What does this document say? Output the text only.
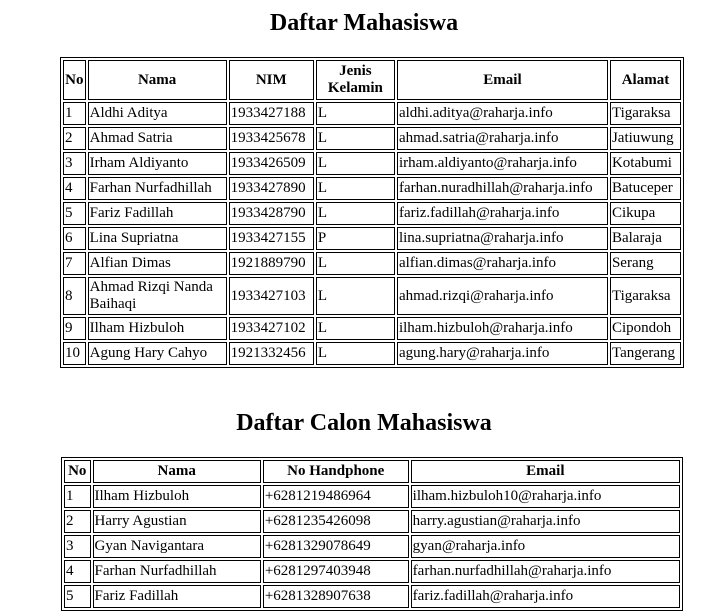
Daftar Mahasiswa
No	Nama	NIM	Jenis Kelamin	Email	Alamat
1	Aldhi Aditya	1933427188	L	aldhi.aditya@raharja.info	Tigaraksa
2	Ahmad Satria	1933425678	L	ahmad.satria@raharja.info	Jatiuwung
3	Irham Aldiyanto	1933426509	L	irham.aldiyanto@raharja.info	Kotabumi
4	Farhan Nurfadhillah	1933427890	L	farhan.nuradhillah@raharja.info	Batuceper
5	Fariz Fadillah	1933428790	L	fariz.fadillah@raharja.info	Cikupa
6	Lina Supriatna	1933427155	P	lina.supriatna@raharja.info	Balaraja
7	Alfian Dimas	1921889790	L	alfian.dimas@raharja.info	Serang
8	Ahmad Rizqi Nanda Baihaqi	1933427103	L	ahmad.rizqi@raharja.info	Tigaraksa
9	Ilham Hizbuloh	1933427102	L	ilham.hizbuloh@raharja.info	Cipondoh
10	Agung Hary Cahyo	1921332456	L	agung.hary@raharja.info	Tangerang
Daftar Calon Mahasiswa
No	Nama	No Handphone	Email
1	Ilham Hizbuloh	+6281219486964	ilham.hizbuloh10@raharja.info
2	Harry Agustian	+6281235426098	harry.agustian@raharja.info
3	Gyan Navigantara	+6281329078649	gyan@raharja.info
4	Farhan Nurfadhillah	+6281297403948	farhan.nurfadhillah@raharja.info
5	Fariz Fadillah	+6281328907638	fariz.fadillah@raharja.info
